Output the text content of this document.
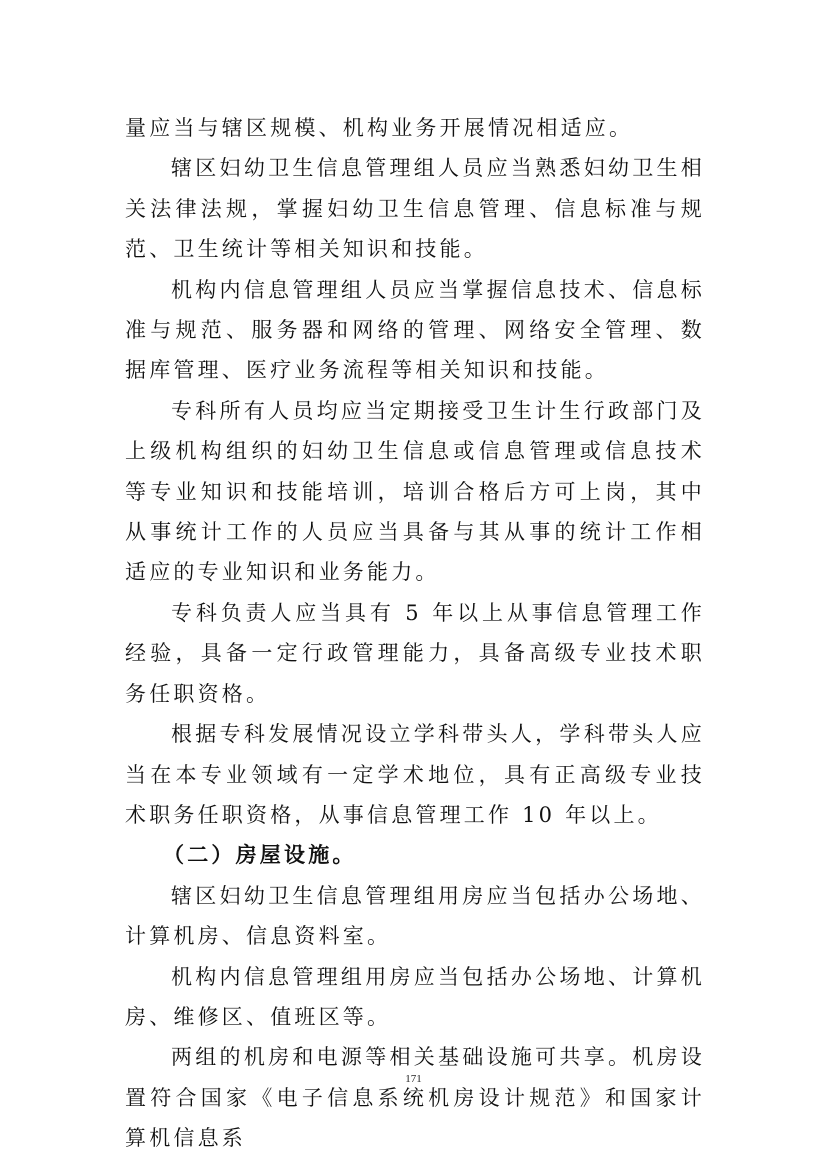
量应当与辖区规模、机构业务开展情况相适应。

辖区妇幼卫生信息管理组人员应当熟悉妇幼卫生相关法律法规，掌握妇幼卫生信息管理、信息标准与规范、卫生统计等相关知识和技能。

机构内信息管理组人员应当掌握信息技术、信息标准与规范、服务器和网络的管理、网络安全管理、数据库管理、医疗业务流程等相关知识和技能。

专科所有人员均应当定期接受卫生计生行政部门及上级机构组织的妇幼卫生信息或信息管理或信息技术等专业知识和技能培训，培训合格后方可上岗，其中从事统计工作的人员应当具备与其从事的统计工作相适应的专业知识和业务能力。

专科负责人应当具有 5 年以上从事信息管理工作经验，具备一定行政管理能力，具备高级专业技术职务任职资格。

根据专科发展情况设立学科带头人，学科带头人应当在本专业领域有一定学术地位，具有正高级专业技术职务任职资格，从事信息管理工作 10 年以上。

（二）房屋设施。

辖区妇幼卫生信息管理组用房应当包括办公场地、计算机房、信息资料室。

机构内信息管理组用房应当包括办公场地、计算机房、维修区、值班区等。

两组的机房和电源等相关基础设施可共享。机房设置符合国家《电子信息系统机房设计规范》和国家计算机信息系

171
